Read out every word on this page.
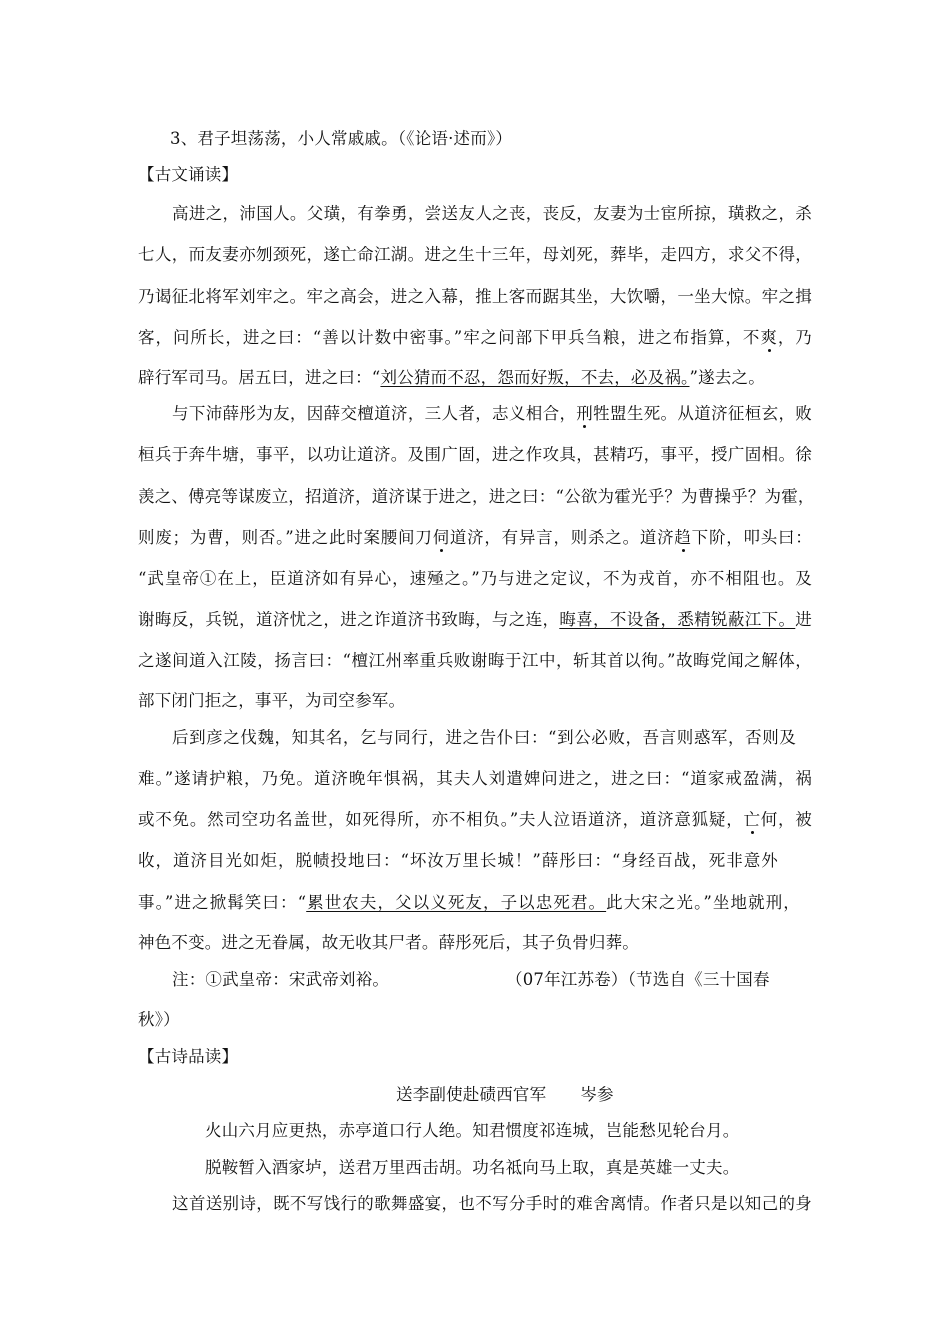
3、君子坦荡荡，小人常戚戚。（《论语·述而》）
【古文诵读】
高进之，沛国人。父璜，有拳勇，尝送友人之丧，丧反，友妻为士宦所掠，璜救之，杀
七人，而友妻亦刎颈死，遂亡命江湖。进之生十三年，母刘死，葬毕，走四方，求父不得，
乃谒征北将军刘牢之。牢之高会，进之入幕，推上客而踞其坐，大饮嚼，一坐大惊。牢之揖
客，问所长，进之曰：“善以计数中密事。”牢之问部下甲兵刍粮，进之布指算，不爽，乃
辟行军司马。居五曰，进之曰：“刘公猜而不忍，怨而好叛，不去，必及祸。”遂去之。
与下沛薛彤为友，因薛交檀道济，三人者，志义相合，刑牲盟生死。从道济征桓玄，败
桓兵于奔牛塘，事平，以功让道济。及围广固，进之作攻具，甚精巧，事平，授广固相。徐
羡之、傅亮等谋废立，招道济，道济谋于进之，进之曰：“公欲为霍光乎？为曹操乎？为霍，
则废；为曹，则否。”进之此时案腰间刀伺道济，有异言，则杀之。道济趋下阶，叩头曰：
“武皇帝①在上，臣道济如有异心，速殛之。”乃与进之定议，不为戎首，亦不相阻也。及
谢晦反，兵锐，道济忧之，进之诈道济书致晦，与之连，晦喜，不设备，悉精锐蔽江下。进
之遂间道入江陵，扬言曰：“檀江州率重兵败谢晦于江中，斩其首以徇。”故晦党闻之解体，
部下闭门拒之，事平，为司空参军。
后到彦之伐魏，知其名，乞与同行，进之告仆曰：“到公必败，吾言则惑军，否则及
难。”遂请护粮，乃免。道济晚年惧祸，其夫人刘遣婢问进之，进之曰：“道家戒盈满，祸
或不免。然司空功名盖世，如死得所，亦不相负。”夫人泣语道济，道济意狐疑，亡何，被
收，道济目光如炬，脱帻投地曰：“坏汝万里长城！”薛彤曰：“身经百战，死非意外
事。”进之掀髯笑曰：“累世农夫，父以义死友，子以忠死君。此大宋之光。”坐地就刑，
神色不变。进之无眷属，故无收其尸者。薛彤死后，其子负骨归葬。
注：①武皇帝：宋武帝刘裕。	（07年江苏卷）（节选自《三十国春
秋》）
【古诗品读】
送李副使赴碛西官军 岑参
火山六月应更热，赤亭道口行人绝。知君惯度祁连城，岂能愁见轮台月。
脱鞍暂入酒家垆，送君万里西击胡。功名祗向马上取，真是英雄一丈夫。
这首送别诗，既不写饯行的歌舞盛宴，也不写分手时的难舍离情。作者只是以知己的身
